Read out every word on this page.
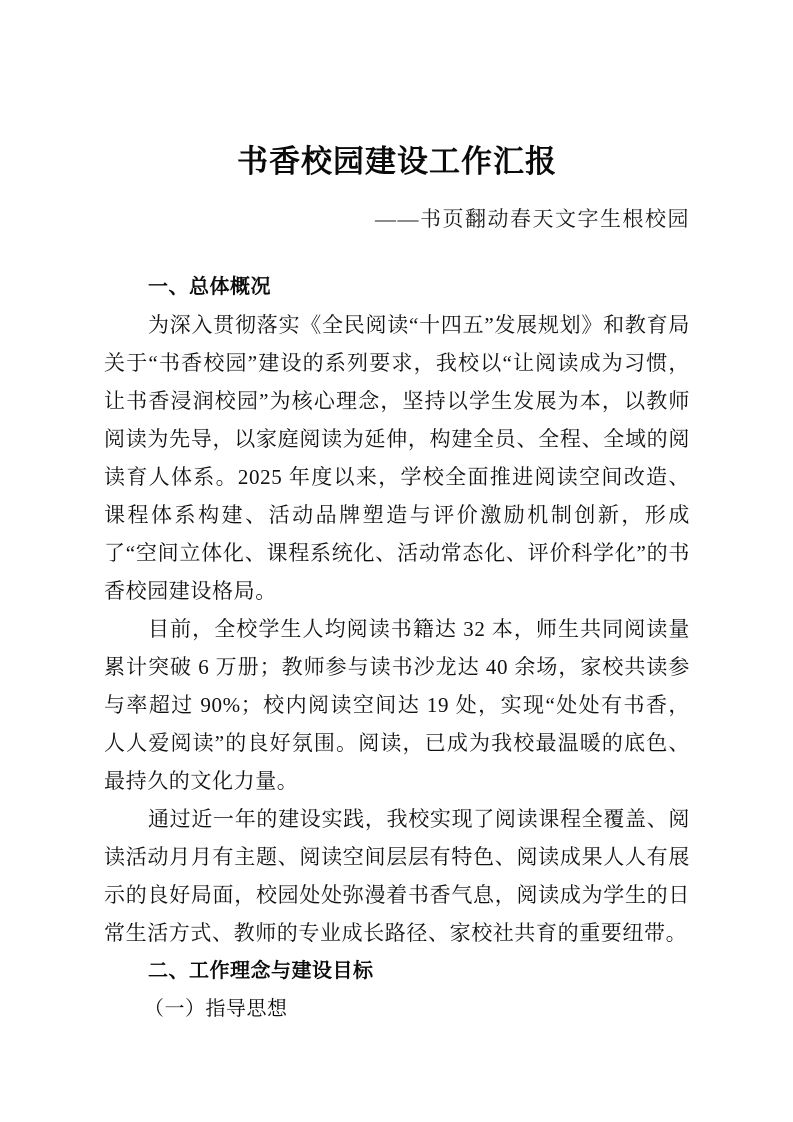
书香校园建设工作汇报

——书页翻动春天文字生根校园

一、总体概况

为深入贯彻落实《全民阅读“十四五”发展规划》和教育局关于“书香校园”建设的系列要求，我校以“让阅读成为习惯，让书香浸润校园”为核心理念，坚持以学生发展为本，以教师阅读为先导，以家庭阅读为延伸，构建全员、全程、全域的阅读育人体系。2025 年度以来，学校全面推进阅读空间改造、课程体系构建、活动品牌塑造与评价激励机制创新，形成了“空间立体化、课程系统化、活动常态化、评价科学化”的书香校园建设格局。

目前，全校学生人均阅读书籍达 32 本，师生共同阅读量累计突破 6 万册；教师参与读书沙龙达 40 余场，家校共读参与率超过 90%；校内阅读空间达 19 处，实现“处处有书香，人人爱阅读”的良好氛围。阅读，已成为我校最温暖的底色、最持久的文化力量。

通过近一年的建设实践，我校实现了阅读课程全覆盖、阅读活动月月有主题、阅读空间层层有特色、阅读成果人人有展示的良好局面，校园处处弥漫着书香气息，阅读成为学生的日常生活方式、教师的专业成长路径、家校社共育的重要纽带。

二、工作理念与建设目标
（一）指导思想
